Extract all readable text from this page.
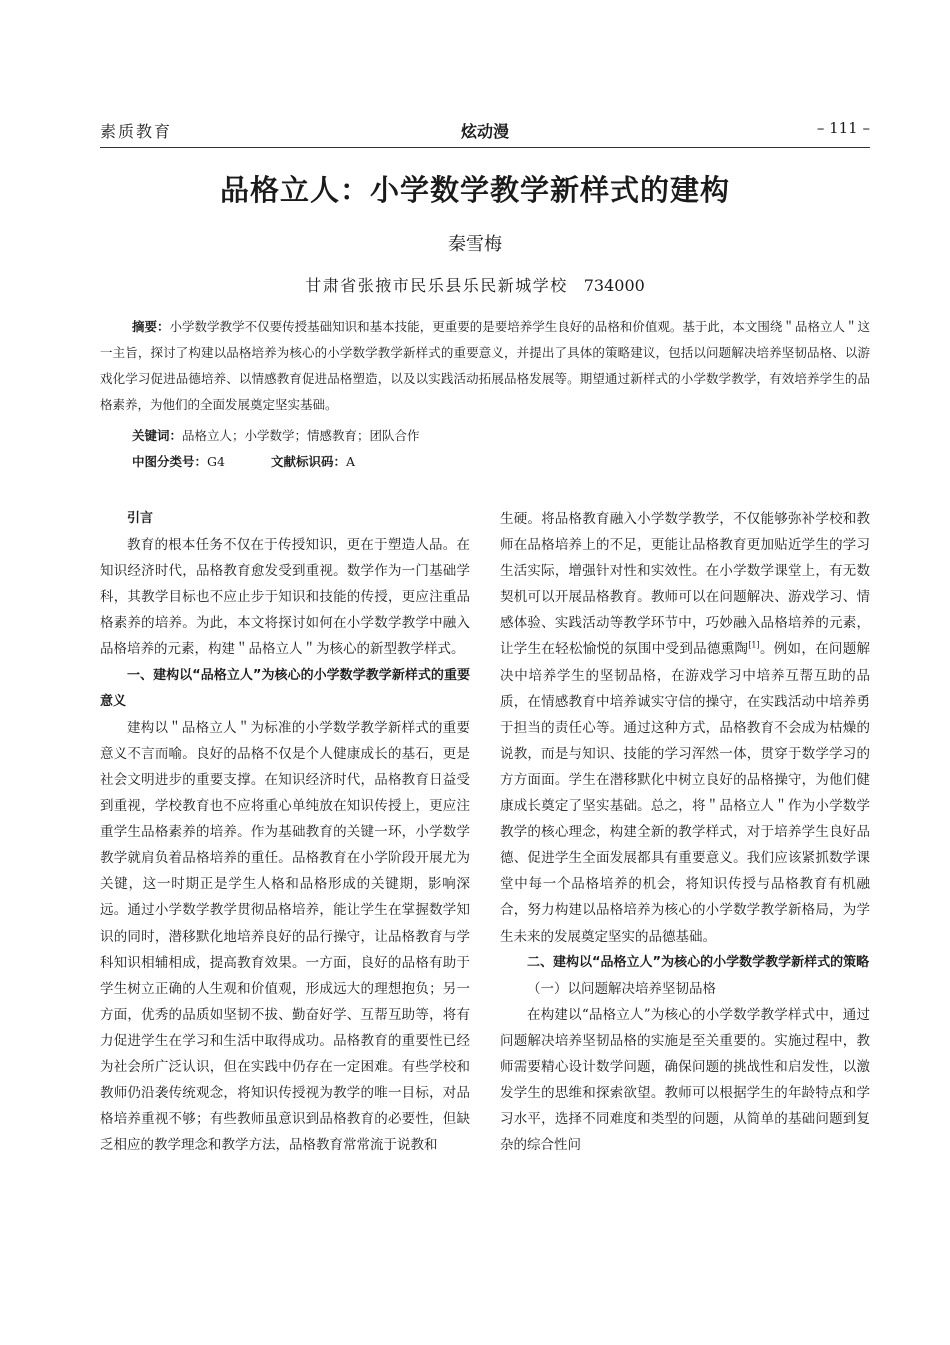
素质教育	炫动漫	– 111 –
品格立人：小学数学教学新样式的建构
秦雪梅
甘肃省张掖市民乐县乐民新城学校 734000

摘要：小学数学教学不仅要传授基础知识和基本技能，更重要的是要培养学生良好的品格和价值观。基于此，本文围绕＂品格立人＂这一主旨，探讨了构建以品格培养为核心的小学数学教学新样式的重要意义，并提出了具体的策略建议，包括以问题解决培养坚韧品格、以游戏化学习促进品德培养、以情感教育促进品格塑造，以及以实践活动拓展品格发展等。期望通过新样式的小学数学教学，有效培养学生的品格素养，为他们的全面发展奠定坚实基础。

关键词：品格立人；小学数学；情感教育；团队合作
中图分类号：G4	文献标识码：A

引言

教育的根本任务不仅在于传授知识，更在于塑造人品。在知识经济时代，品格教育愈发受到重视。数学作为一门基础学科，其教学目标也不应止步于知识和技能的传授，更应注重品格素养的培养。为此，本文将探讨如何在小学数学教学中融入品格培养的元素，构建＂品格立人＂为核心的新型教学样式。

一、建构以“品格立人”为核心的小学数学教学新样式的重要意义

建构以＂品格立人＂为标准的小学数学教学新样式的重要意义不言而喻。良好的品格不仅是个人健康成长的基石，更是社会文明进步的重要支撑。在知识经济时代，品格教育日益受到重视，学校教育也不应将重心单纯放在知识传授上，更应注重学生品格素养的培养。作为基础教育的关键一环，小学数学教学就肩负着品格培养的重任。品格教育在小学阶段开展尤为关键，这一时期正是学生人格和品格形成的关键期，影响深远。通过小学数学教学贯彻品格培养，能让学生在掌握数学知识的同时，潜移默化地培养良好的品行操守，让品格教育与学科知识相辅相成，提高教育效果。一方面，良好的品格有助于学生树立正确的人生观和价值观，形成远大的理想抱负；另一方面，优秀的品质如坚韧不拔、勤奋好学、互帮互助等，将有力促进学生在学习和生活中取得成功。品格教育的重要性已经为社会所广泛认识，但在实践中仍存在一定困难。有些学校和教师仍沿袭传统观念，将知识传授视为教学的唯一目标，对品格培养重视不够；有些教师虽意识到品格教育的必要性，但缺乏相应的教学理念和教学方法，品格教育常常流于说教和

生硬。将品格教育融入小学数学教学，不仅能够弥补学校和教师在品格培养上的不足，更能让品格教育更加贴近学生的学习生活实际，增强针对性和实效性。在小学数学课堂上，有无数契机可以开展品格教育。教师可以在问题解决、游戏学习、情感体验、实践活动等教学环节中，巧妙融入品格培养的元素，让学生在轻松愉悦的氛围中受到品德熏陶[1]。例如，在问题解决中培养学生的坚韧品格，在游戏学习中培养互帮互助的品质，在情感教育中培养诚实守信的操守，在实践活动中培养勇于担当的责任心等。通过这种方式，品格教育不会成为枯燥的说教，而是与知识、技能的学习浑然一体，贯穿于数学学习的方方面面。学生在潜移默化中树立良好的品格操守，为他们健康成长奠定了坚实基础。总之，将＂品格立人＂作为小学数学教学的核心理念，构建全新的教学样式，对于培养学生良好品德、促进学生全面发展都具有重要意义。我们应该紧抓数学课堂中每一个品格培养的机会，将知识传授与品格教育有机融合，努力构建以品格培养为核心的小学数学教学新格局，为学生未来的发展奠定坚实的品德基础。

二、建构以“品格立人”为核心的小学数学教学新样式的策略

（一）以问题解决培养坚韧品格

在构建以“品格立人”为核心的小学数学教学样式中，通过问题解决培养坚韧品格的实施是至关重要的。实施过程中，教师需要精心设计数学问题，确保问题的挑战性和启发性，以激发学生的思维和探索欲望。教师可以根据学生的年龄特点和学习水平，选择不同难度和类型的问题，从简单的基础问题到复杂的综合性问
